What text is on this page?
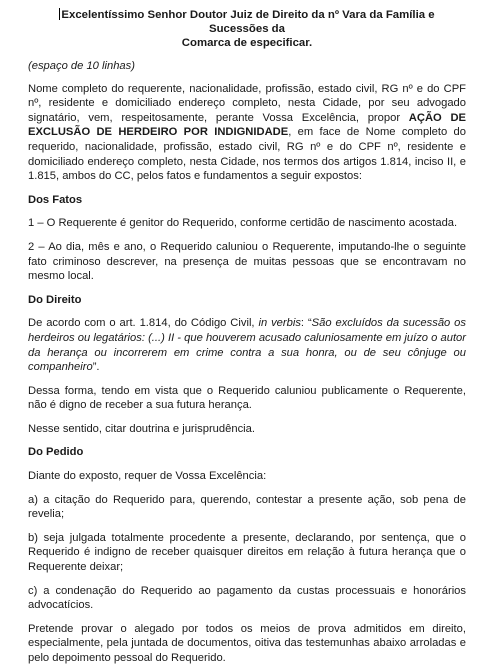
Excelentíssimo Senhor Doutor Juiz de Direito da nº Vara da Família e Sucessões da
Comarca de especificar.
(espaço de 10 linhas)

Nome completo do requerente, nacionalidade, profissão, estado civil, RG nº e do CPF nº, residente e domiciliado endereço completo, nesta Cidade, por seu advogado signatário, vem, respeitosamente, perante Vossa Excelência, propor AÇÃO DE EXCLUSÃO DE HERDEIRO POR INDIGNIDADE, em face de Nome completo do requerido, nacionalidade, profissão, estado civil, RG nº e do CPF nº, residente e domiciliado endereço completo, nesta Cidade, nos termos dos artigos 1.814, inciso II, e 1.815, ambos do CC, pelos fatos e fundamentos a seguir expostos:

Dos Fatos

1 – O Requerente é genitor do Requerido, conforme certidão de nascimento acostada.

2 – Ao dia, mês e ano, o Requerido caluniou o Requerente, imputando-lhe o seguinte fato criminoso descrever, na presença de muitas pessoas que se encontravam no mesmo local.

Do Direito

De acordo com o art. 1.814, do Código Civil, in verbis: “São excluídos da sucessão os herdeiros ou legatários: (...) II - que houverem acusado caluniosamente em juízo o autor da herança ou incorrerem em crime contra a sua honra, ou de seu cônjuge ou companheiro”.

Dessa forma, tendo em vista que o Requerido caluniou publicamente o Requerente, não é digno de receber a sua futura herança.

Nesse sentido, citar doutrina e jurisprudência.

Do Pedido

Diante do exposto, requer de Vossa Excelência:

a) a citação do Requerido para, querendo, contestar a presente ação, sob pena de revelia;

b) seja julgada totalmente procedente a presente, declarando, por sentença, que o Requerido é indigno de receber quaisquer direitos em relação à futura herança que o Requerente deixar;

c) a condenação do Requerido ao pagamento da custas processuais e honorários advocatícios.

Pretende provar o alegado por todos os meios de prova admitidos em direito, especialmente, pela juntada de documentos, oitiva das testemunhas abaixo arroladas e pelo depoimento pessoal do Requerido.
